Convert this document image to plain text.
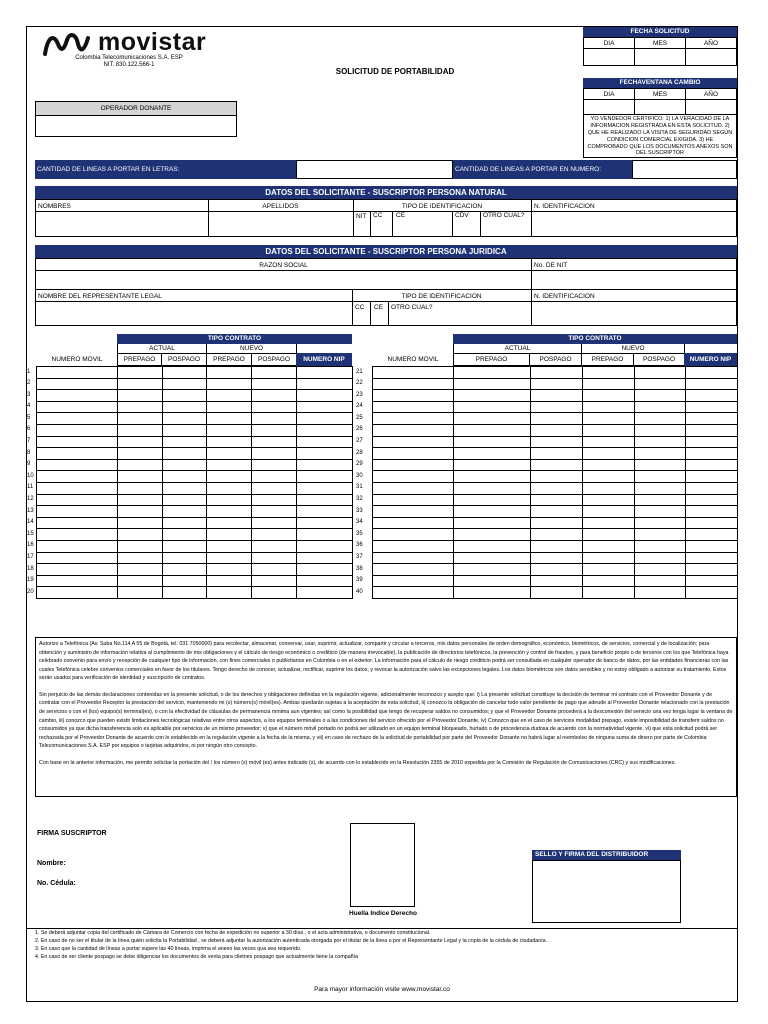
movistar
Colombia Telecomunicaciones S.A. ESP
NIT. 830.122.566-1
SOLICITUD DE PORTABILIDAD
FECHA SOLICITUD
DIA	MES	AÑO
FECHAVENTANA CAMBIO
DIA	MES	AÑO
YO VENDEDOR CERTIFICO: 1) LA VERACIDAD DE LA INFORMACION REGISTRADA EN ESTA SOLICITUD. 2) QUE HE REALIZADO LA VISITA DE SEGURIDAD SEGÚN CONDICION COMERCIAL EXIGIDA. 3) HE COMPROBADO QUE LOS DOCUMENTOS ANEXOS SON DEL SUSCRIPTOR
OPERADOR DONANTE
CANTIDAD DE LINEAS A PORTAR EN LETRAS:	CANTIDAD DE LINEAS A PORTAR EN NUMERO:
DATOS DEL SOLICITANTE - SUSCRIPTOR PERSONA NATURAL
NOMBRES	APELLIDOS	TIPO DE IDENTIFICACION	N. IDENTIFICACION
NIT CC CE	CDV OTRO CUAL?
DATOS DEL SOLICITANTE - SUSCRIPTOR PERSONA JURIDICA
RAZON SOCIAL	No. DE NIT
NOMBRE DEL REPRESENTANTE LEGAL	TIPO DE IDENTIFICACION	N. IDENTIFICACION
CC CE OTRO CUAL?
TIPO CONTRATO
ACTUAL	NUEVO
NUMERO MOVIL	PREPAGO	POSPAGO	PREPAGO	POSPAGO	NUMERO NIP
TIPO CONTRATO
ACTUAL	NUEVO
NUMERO MOVIL	PREPAGO	POSPAGO	PREPAGO	POSPAGO	NUMERO NIP
1						
2						
3						
4						
5						
6						
7						
8						
9						
10						
11						
12						
13						
14						
15						
16						
17						
18						
19						
20						
21						
22						
23						
24						
25						
26						
27						
28						
29						
30						
31						
32						
33						
34						
35						
36						
37						
38						
39						
40						

Autorizo a Telefónica (Av. Suba No.114 A 55 de Bogotá, tel. 031 7050000) para recolectar, almacenar, conservar, usar, suprimir, actualizar, compartir y circular a terceros, mis datos personales de orden demográfico, económico, biométricos, de servicios, comercial y de localización; para obtención y suministro de información relativa al cumplimiento de mis obligaciones y el cálculo de riesgo económico o crediticio (de manera irrevocable), la publicación de directorios telefónicos, la prevención y control de fraudes, y para beneficio propio o de terceros con los que Telefónica haya celebrado convenio para envío y recepción de cualquier tipo de información, con fines comerciales o publicitarios en Colombia o en el exterior. La información para el cálculo de riesgo crediticio podrá ser consultada en cualquier operador de banco de datos, por las entidades financieras con las cuales Telefónica celebre convenios comerciales en favor de los titulares. Tengo derecho de conocer, actualizar, rectificar, suprimir los datos, y revocar la autorización salvo las excepciones legales. Los datos biométricos son datos sensibles y no estoy obligado a autorizar su tratamiento. Estos serán usados para verificación de identidad y suscripción de contratos.

Sin perjuicio de las demás declaraciones contenidas en la presente solicitud, o de los derechos y obligaciones definidas en la regulación vigente, adicionalmente reconozco y acepto que: i) La presente solicitud constituye la decisión de terminar mi contrato con el Proveedor Donante y de contratar con el Proveedor Receptor la prestación del servicio, manteniendo mi (s) número(s) móvil(es). Ambas quedarán sujetas a la aceptación de esta solicitud, ii) conozco la obligación de cancelar todo valor pendiente de pago que adeude al Proveedor Donante relacionado con la prestación de servicios o con el (los) equipo(s) terminal(es), o con la efectividad de cláusulas de permanencia mínima aun vigentes; así como la posibilidad que tengo de recuperar saldos no consumidos; y que el Proveedor Donante procederá a la desconexión del servicio una vez tenga lugar la ventana de cambio, iii) conozco que pueden existir limitaciones tecnológicas relativas entre otros aspectos, a los equipos terminales o a las condiciones del servicio ofrecido por el Proveedor Donante, iv) Conozco que en el caso de servicios modalidad prepago, existe imposibilidad de transferir saldos no consumidos ya que dicha transferencia solo es aplicable por servicios de un mismo proveedor; v) que el número móvil portado no podrá ser utilizado en un equipo terminal bloqueado, hurtado o de procedencia dudosa de acuerdo con la normatividad vigente, vi) que esta solicitud podrá ser rechazada por el Proveedor Donante de acuerdo con lo establecido en la regulación vigente a la fecha de la misma, y vii) en caso de rechazo de la solicitud de portabilidad por parte del Proveedor Donante no habrá lugar al reembolso de ninguna suma de dinero por parte de Colombia Telecomunicaciones S.A. ESP por equipos o tarjetas adquiridos, ni por ningún otro concepto.

Con base en la anterior información, me permito solicitar la portación del / los número (s) móvil (es) antes indicado (s), de acuerdo con lo establecido en la Resolución 2355 de 2010 expedida por la Comisión de Regulación de Comunicaciones (CRC) y sus modificaciones.

FIRMA SUSCRIPTOR
Nombre:
No. Cédula:
Huella Indice Derecho
SELLO Y FIRMA DEL DISTRIBUIDOR
1. Se deberá adjuntar copia del certificado de Cámara de Comercio con fecha de expedición no superior a 30 días , o el acta administrativa, o documento constitucional.
2. En caso de no ser el titular de la línea quién solicita la Portabilidad , se deberá adjuntar la autorización autenticada otorgada por el titular de la línea o por el Representante Legal y la copia de la cédula de ciudadanía.
3. En caso que la cantidad de líneas a portar supere las 40 líneas, imprima el anexo las veces qua sea requerido.
4. En caso de ser cliente pospago se debe diligenciar los documentos de venta para clietnes pospago que actualmente tiene la compañía
Para mayor información visite www.movistar.co
